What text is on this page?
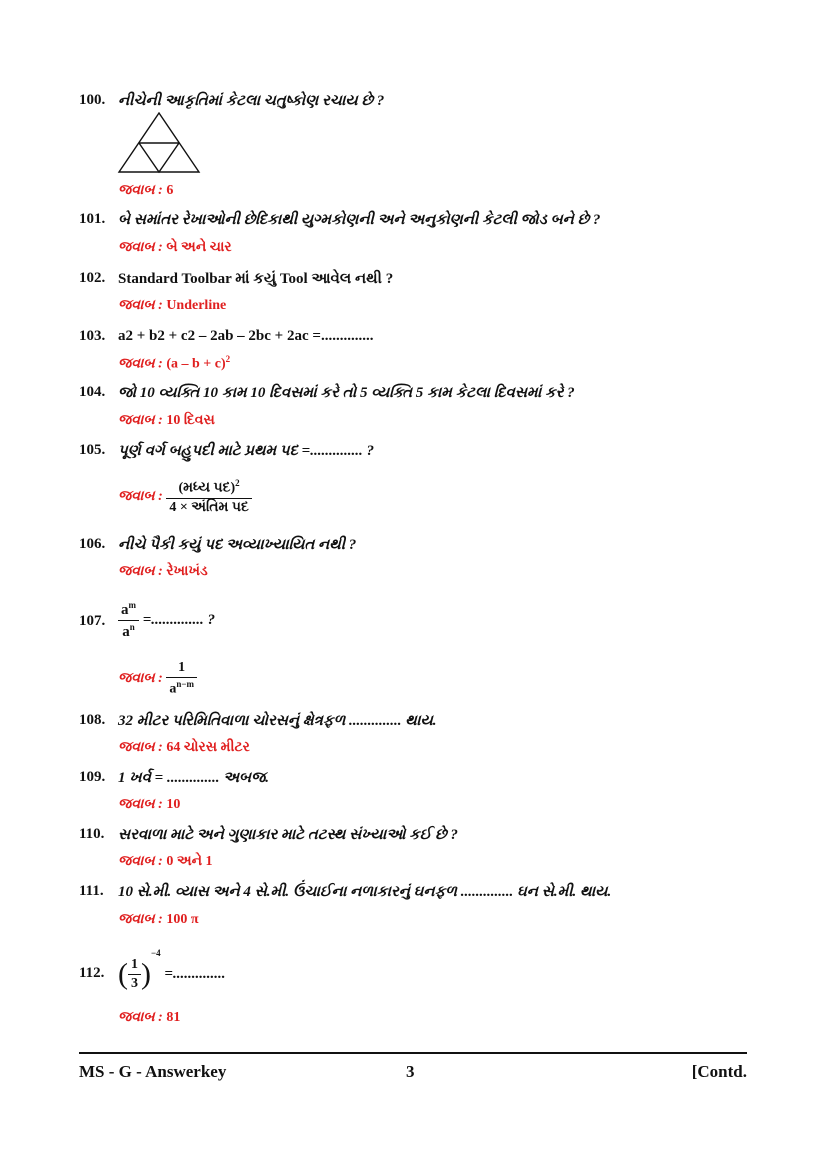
100. નીચેની આકૃતિમાં કેટલા ચતુષ્કોણ રચાય છે ?
જવાબ : 6
101. બે સમાંતર રેખાઓની છેદિકાથી યુગ્મકોણની અને અનુકોણની કેટલી જોડ બને છે ?
જવાબ : બે અને ચાર
102. Standard Toolbar માં કયું Tool આવેલ નથી ?
જવાબ : Underline
103. a2 + b2 + c2 – 2ab – 2bc + 2ac =..............
જવાબ : $(a - b + c)^2$
104. જો 10 વ્યક્તિ 10 કામ 10 દિવસમાં કરે તો 5 વ્યક્તિ 5 કામ કેટલા દિવસમાં કરે ?
જવાબ : 10 દિવસ
105. પૂર્ણ વર્ગ બહુપદી માટે પ્રથમ પદ =.............. ?
જવાબ : $\frac{(મધ્ય પદ)^2}{\text{4 × અંતિમ પદ}}$
106. નીચે પૈકી કયું પદ અવ્યાખ્યાયિત નથી ?
જવાબ : રેખાખંડ
107. $\frac{a^m}{a^n}$ =.............. ?
જવાબ : $\frac{1}{a^{n-m}}$
108. 32 મીટર પરિમિતિવાળા ચોરસનું ક્ષેત્રફળ .............. થાય.
જવાબ : 64 ચોરસ મીટર
109. 1 ખર્વ = .............. અબજ.
જવાબ : 10
110. સરવાળા માટે અને ગુણાકાર માટે તટસ્થ સંખ્યાઓ કઈ છે ?
જવાબ : 0 અને 1
111. 10 સે.મી. વ્યાસ અને 4 સે.મી. ઉંચાઈના નળાકારનું ઘનફળ .............. ઘન સે.મી. થાય.
જવાબ : 100 π
112. ( $\frac{1}{3} )^{-4}$ =..............
જવાબ : 81
MS - G - Answerkey	3	[Contd.
